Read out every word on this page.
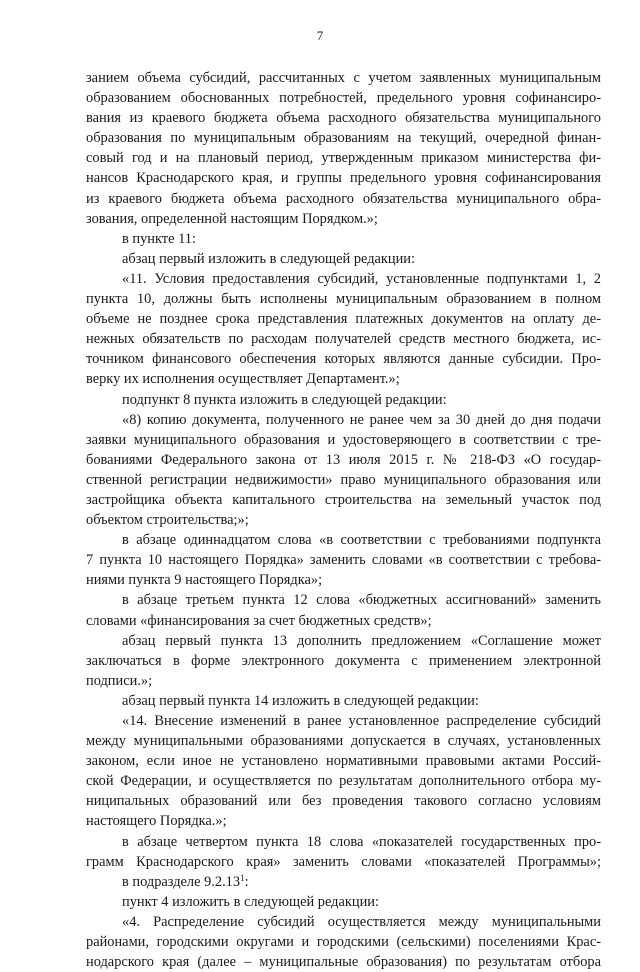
7
занием объема субсидий, рассчитанных с учетом заявленных муниципальным
образованием обоснованных потребностей, предельного уровня софинансиро-
вания из краевого бюджета объема расходного обязательства муниципального
образования по муниципальным образованиям на текущий, очередной финан-
совый год и на плановый период, утвержденным приказом министерства фи-
нансов Краснодарского края, и группы предельного уровня софинансирования
из краевого бюджета объема расходного обязательства муниципального обра-
зования, определенной настоящим Порядком.»;
в пункте 11:
абзац первый изложить в следующей редакции:
«11. Условия предоставления субсидий, установленные подпунктами 1, 2
пункта 10, должны быть исполнены муниципальным образованием в полном
объеме не позднее срока представления платежных документов на оплату де-
нежных обязательств по расходам получателей средств местного бюджета, ис-
точником финансового обеспечения которых являются данные субсидии. Про-
верку их исполнения осуществляет Департамент.»;
подпункт 8 пункта изложить в следующей редакции:
«8) копию документа, полученного не ранее чем за 30 дней до дня подачи
заявки муниципального образования и удостоверяющего в соответствии с тре-
бованиями Федерального закона от 13 июля 2015 г. № 218-ФЗ «О государ-
ственной регистрации недвижимости» право муниципального образования или
застройщика объекта капитального строительства на земельный участок под
объектом строительства;»;
в абзаце одиннадцатом слова «в соответствии с требованиями подпункта
7 пункта 10 настоящего Порядка» заменить словами «в соответствии с требова-
ниями пункта 9 настоящего Порядка»;
в абзаце третьем пункта 12 слова «бюджетных ассигнований» заменить
словами «финансирования за счет бюджетных средств»;
абзац первый пункта 13 дополнить предложением «Соглашение может
заключаться в форме электронного документа с применением электронной
подписи.»;
абзац первый пункта 14 изложить в следующей редакции:
«14. Внесение изменений в ранее установленное распределение субсидий
между муниципальными образованиями допускается в случаях, установленных
законом, если иное не установлено нормативными правовыми актами Россий-
ской Федерации, и осуществляется по результатам дополнительного отбора му-
ниципальных образований или без проведения такового согласно условиям
настоящего Порядка.»;
в абзаце четвертом пункта 18 слова «показателей государственных про-
грамм Краснодарского края» заменить словами «показателей Программы»;
в подразделе 9.2.13$^1$:
пункт 4 изложить в следующей редакции:
«4. Распределение субсидий осуществляется между муниципальными
районами, городскими округами и городскими (сельскими) поселениями Крас-
нодарского края (далее – муниципальные образования) по результатам отбора
